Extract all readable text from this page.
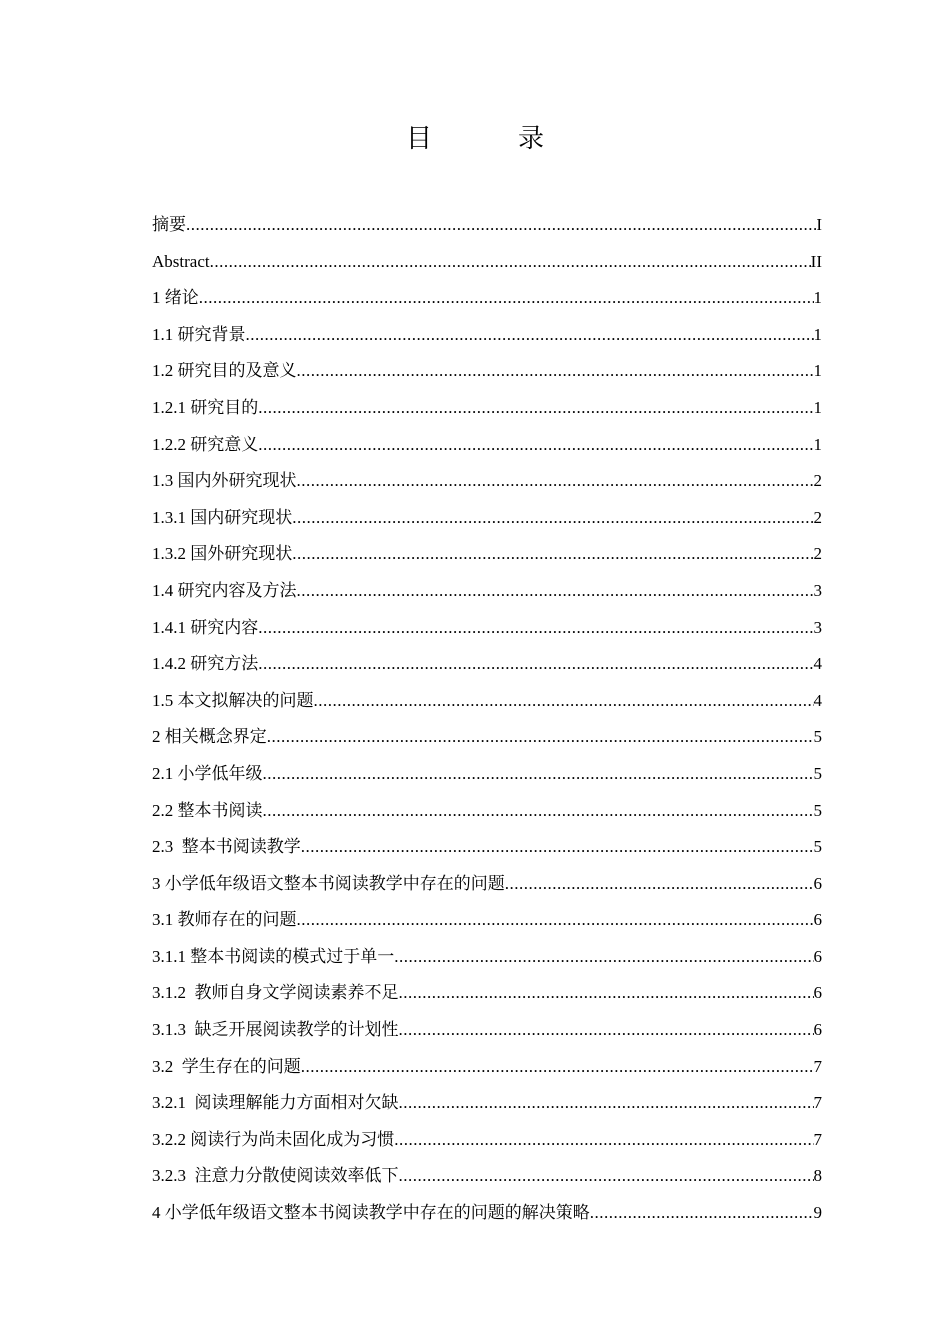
目　录
摘要 .....	I
Abstract .....	II
1 绪论 .....	1
1.1 研究背景 .....	1
1.2 研究目的及意义 .....	1
1.2.1 研究目的 .....	1
1.2.2 研究意义 .....	1
1.3 国内外研究现状 .....	2
1.3.1 国内研究现状 .....	2
1.3.2 国外研究现状 .....	2
1.4 研究内容及方法 .....	3
1.4.1 研究内容 .....	3
1.4.2 研究方法 .....	4
1.5 本文拟解决的问题 .....	4
2 相关概念界定 .....	5
2.1 小学低年级 .....	5
2.2 整本书阅读 .....	5
2.3  整本书阅读教学 .....	5
3 小学低年级语文整本书阅读教学中存在的问题 .....	6
3.1 教师存在的问题 .....	6
3.1.1 整本书阅读的模式过于单一 .....	6
3.1.2  教师自身文学阅读素养不足 .....	6
3.1.3  缺乏开展阅读教学的计划性 .....	6
3.2  学生存在的问题 .....	7
3.2.1  阅读理解能力方面相对欠缺 .....	7
3.2.2 阅读行为尚未固化成为习惯 .....	7
3.2.3  注意力分散使阅读效率低下 .....	8
4 小学低年级语文整本书阅读教学中存在的问题的解决策略 .....	9
